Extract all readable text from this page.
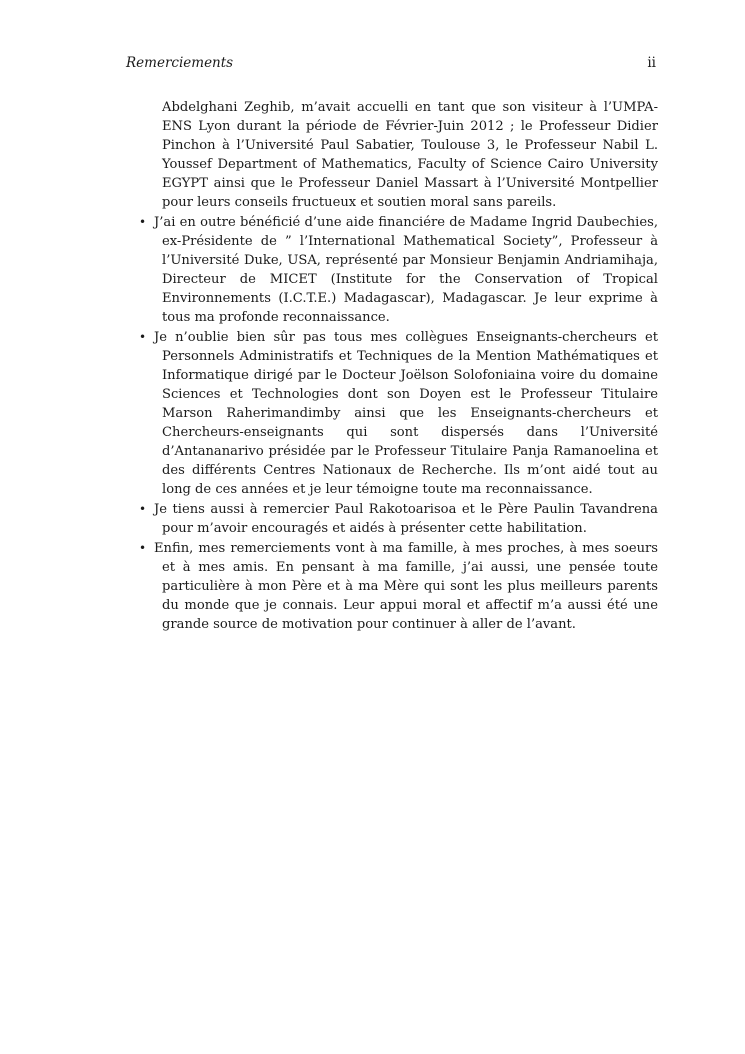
Remerciements	ii

Abdelghani Zeghib, m’avait accuelli en tant que son visiteur à l’UMPA-ENS Lyon durant la période de Février-Juin 2012 ; le Professeur Didier Pinchon à l’Université Paul Sabatier, Toulouse 3, le Professeur Nabil L. Youssef Department of Mathematics, Faculty of Science Cairo University EGYPT ainsi que le Professeur Daniel Massart à l’Université Montpellier pour leurs conseils fructueux et soutien moral sans pareils.

• J’ai en outre bénéficié d’une aide financiére de Madame Ingrid Daubechies, ex-Présidente de ” l’International Mathematical Society”, Professeur à l’Université Duke, USA, représenté par Monsieur Benjamin Andriamihaja, Directeur de MICET (Institute for the Conservation of Tropical Environnements (I.C.T.E.) Madagascar), Madagascar. Je leur exprime à tous ma profonde reconnaissance.

• Je n’oublie bien sûr pas tous mes collègues Enseignants-chercheurs et Personnels Administratifs et Techniques de la Mention Mathématiques et Informatique dirigé par le Docteur Joëlson Solofoniaina voire du domaine Sciences et Technologies dont son Doyen est le Professeur Titulaire Marson Raherimandimby ainsi que les Enseignants-chercheurs et Chercheurs-enseignants qui sont dispersés dans l’Université d’Antananarivo présidée par le Professeur Titulaire Panja Ramanoelina et des différents Centres Nationaux de Recherche. Ils m’ont aidé tout au long de ces années et je leur témoigne toute ma reconnaissance.

• Je tiens aussi à remercier Paul Rakotoarisoa et le Père Paulin Tavandrena pour m’avoir encouragés et aidés à présenter cette habilitation.

• Enfin, mes remerciements vont à ma famille, à mes proches, à mes soeurs et à mes amis. En pensant à ma famille, j’ai aussi, une pensée toute particulière à mon Père et à ma Mère qui sont les plus meilleurs parents du monde que je connais. Leur appui moral et affectif m’a aussi été une grande source de motivation pour continuer à aller de l’avant.
